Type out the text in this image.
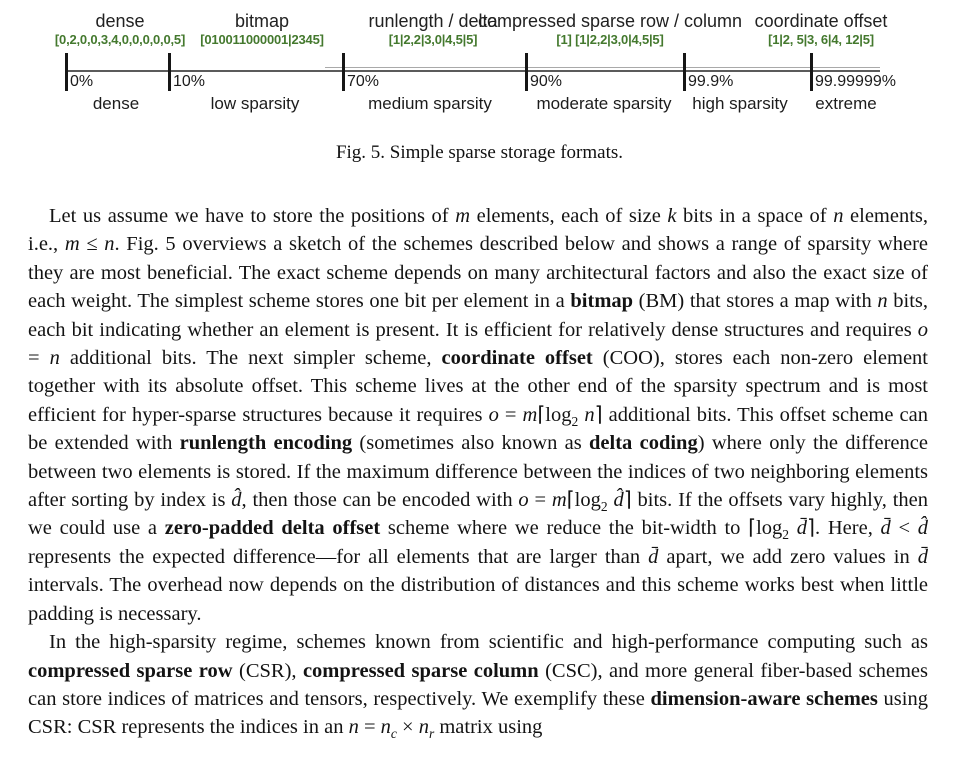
dense
[0,2,0,0,3,4,0,0,0,0,0,5]
bitmap
[010011000001|2345]
runlength / delta
[1|2,2|3,0|4,5|5]
compressed sparse row / column
[1] [1|2,2|3,0|4,5|5]
coordinate offset
[1|2, 5|3, 6|4, 12|5]
0%
dense
10%
low sparsity
70%
medium sparsity
90%
moderate sparsity
99.9%
high sparsity
99.99999%
extreme
Fig. 5. Simple sparse storage formats.

Let us assume we have to store the positions of m elements, each of size k bits in a space of n elements, i.e., m ≤ n. Fig. 5 overviews a sketch of the schemes described below and shows a range of sparsity where they are most beneficial. The exact scheme depends on many architectural factors and also the exact size of each weight. The simplest scheme stores one bit per element in a bitmap (BM) that stores a map with n bits, each bit indicating whether an element is present. It is efficient for relatively dense structures and requires o = n additional bits. The next simpler scheme, coordinate offset (COO), stores each non-zero element together with its absolute offset. This scheme lives at the other end of the sparsity spectrum and is most efficient for hyper-sparse structures because it requires $o = m⌈\log_2$ n⌉ additional bits. This offset scheme can be extended with runlength encoding (sometimes also known as delta coding) where only the difference between two elements is stored. If the maximum difference between the indices of two neighboring elements after sorting by index is d̂, then those can be encoded with $o = m⌈\log_2$ d̂⌉ bits. If the offsets vary highly, then we could use a zero-padded delta offset scheme where we reduce the bit-width to $⌈\log_2$ d̄⌉. Here, d̄ < d̂ represents the expected difference—for all elements that are larger than d̄ apart, we add zero values in d̄ intervals. The overhead now depends on the distribution of distances and this scheme works best when little padding is necessary.

In the high-sparsity regime, schemes known from scientific and high-performance computing such as compressed sparse row (CSR), compressed sparse column (CSC), and more general fiber-based schemes can store indices of matrices and tensors, respectively. We exemplify these dimension-aware schemes using CSR: CSR represents the indices in an $n = n_c \times n_r$ matrix using
